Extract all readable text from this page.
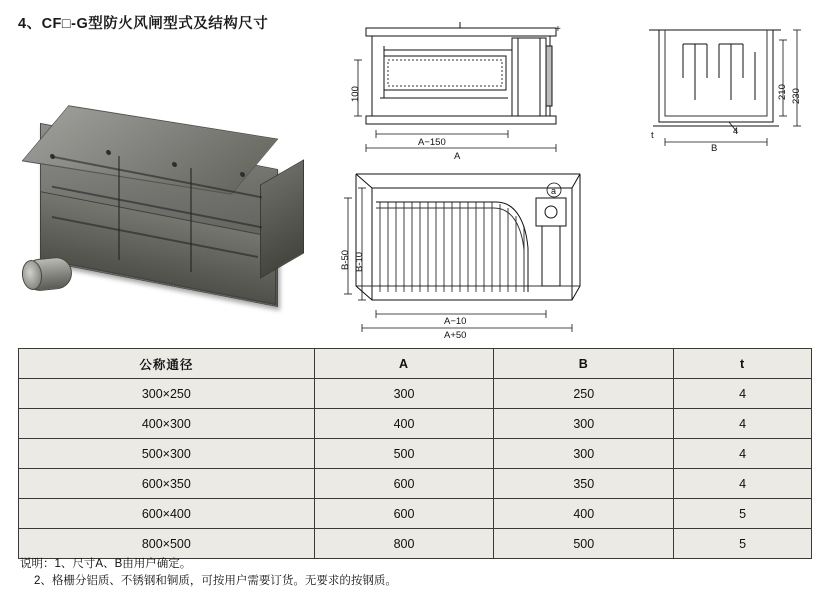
4、CF□-G型防火风闸型式及结构尺寸	+
100
A−150
A
210 230
4
t
B
a
B-50 B-10
A−10
A+50
公称通径	A	B	t
300×250	300	250	4
400×300	400	300	4
500×300	500	300	4
600×350	600	350	4
600×400	600	400	5
800×500	800	500	5
说明：1、尺寸A、B由用户确定。
2、格栅分铝质、不锈钢和铜质，可按用户需要订货。无要求的按钢质。
